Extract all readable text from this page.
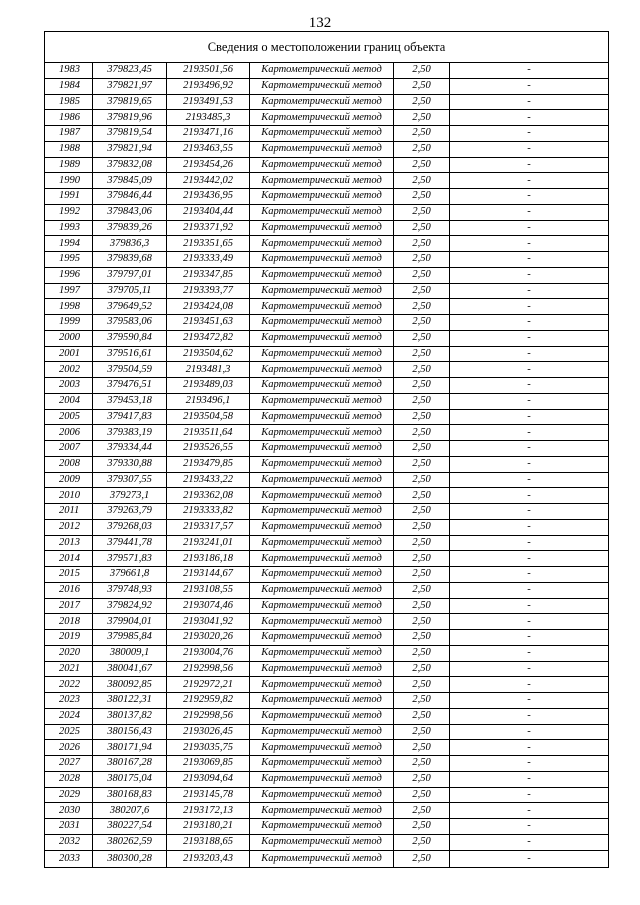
132
Сведения о местоположении границ объекта					
1983	379823,45	2193501,56	Картометрический метод	2,50	-
1984	379821,97	2193496,92	Картометрический метод	2,50	-
1985	379819,65	2193491,53	Картометрический метод	2,50	-
1986	379819,96	2193485,3	Картометрический метод	2,50	-
1987	379819,54	2193471,16	Картометрический метод	2,50	-
1988	379821,94	2193463,55	Картометрический метод	2,50	-
1989	379832,08	2193454,26	Картометрический метод	2,50	-
1990	379845,09	2193442,02	Картометрический метод	2,50	-
1991	379846,44	2193436,95	Картометрический метод	2,50	-
1992	379843,06	2193404,44	Картометрический метод	2,50	-
1993	379839,26	2193371,92	Картометрический метод	2,50	-
1994	379836,3	2193351,65	Картометрический метод	2,50	-
1995	379839,68	2193333,49	Картометрический метод	2,50	-
1996	379797,01	2193347,85	Картометрический метод	2,50	-
1997	379705,11	2193393,77	Картометрический метод	2,50	-
1998	379649,52	2193424,08	Картометрический метод	2,50	-
1999	379583,06	2193451,63	Картометрический метод	2,50	-
2000	379590,84	2193472,82	Картометрический метод	2,50	-
2001	379516,61	2193504,62	Картометрический метод	2,50	-
2002	379504,59	2193481,3	Картометрический метод	2,50	-
2003	379476,51	2193489,03	Картометрический метод	2,50	-
2004	379453,18	2193496,1	Картометрический метод	2,50	-
2005	379417,83	2193504,58	Картометрический метод	2,50	-
2006	379383,19	2193511,64	Картометрический метод	2,50	-
2007	379334,44	2193526,55	Картометрический метод	2,50	-
2008	379330,88	2193479,85	Картометрический метод	2,50	-
2009	379307,55	2193433,22	Картометрический метод	2,50	-
2010	379273,1	2193362,08	Картометрический метод	2,50	-
2011	379263,79	2193333,82	Картометрический метод	2,50	-
2012	379268,03	2193317,57	Картометрический метод	2,50	-
2013	379441,78	2193241,01	Картометрический метод	2,50	-
2014	379571,83	2193186,18	Картометрический метод	2,50	-
2015	379661,8	2193144,67	Картометрический метод	2,50	-
2016	379748,93	2193108,55	Картометрический метод	2,50	-
2017	379824,92	2193074,46	Картометрический метод	2,50	-
2018	379904,01	2193041,92	Картометрический метод	2,50	-
2019	379985,84	2193020,26	Картометрический метод	2,50	-
2020	380009,1	2193004,76	Картометрический метод	2,50	-
2021	380041,67	2192998,56	Картометрический метод	2,50	-
2022	380092,85	2192972,21	Картометрический метод	2,50	-
2023	380122,31	2192959,82	Картометрический метод	2,50	-
2024	380137,82	2192998,56	Картометрический метод	2,50	-
2025	380156,43	2193026,45	Картометрический метод	2,50	-
2026	380171,94	2193035,75	Картометрический метод	2,50	-
2027	380167,28	2193069,85	Картометрический метод	2,50	-
2028	380175,04	2193094,64	Картометрический метод	2,50	-
2029	380168,83	2193145,78	Картометрический метод	2,50	-
2030	380207,6	2193172,13	Картометрический метод	2,50	-
2031	380227,54	2193180,21	Картометрический метод	2,50	-
2032	380262,59	2193188,65	Картометрический метод	2,50	-
2033	380300,28	2193203,43	Картометрический метод	2,50	-
